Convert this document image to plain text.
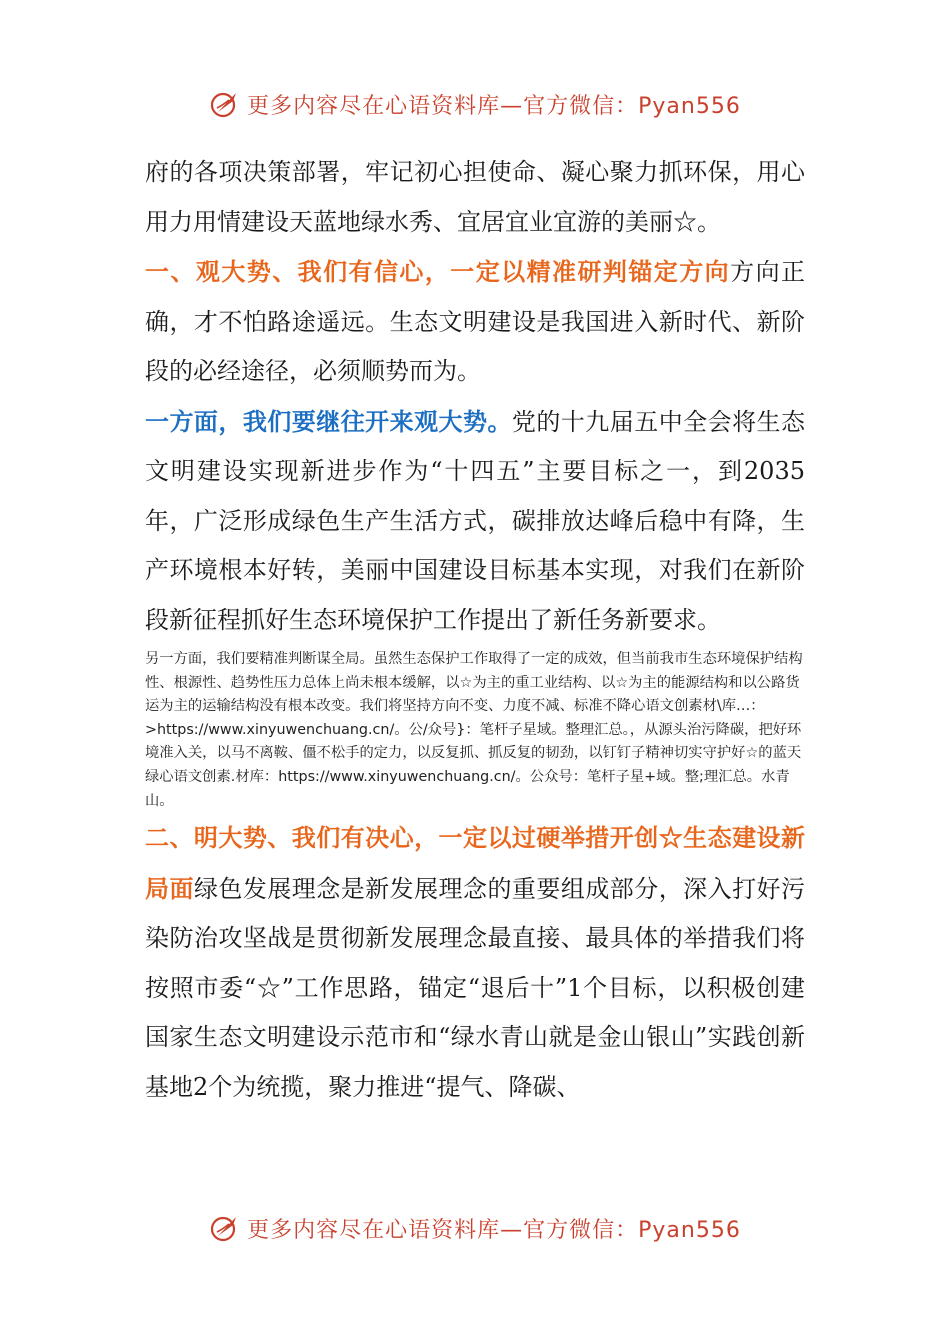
更多内容尽在心语资料库—官方微信：Pyan556

府的各项决策部署，牢记初心担使命、凝心聚力抓环保，用心用力用情建设天蓝地绿水秀、宜居宜业宜游的美丽☆。

一、观大势、我们有信心，一定以精准研判锚定方向方向正确，才不怕路途遥远。生态文明建设是我国进入新时代、新阶段的必经途径，必须顺势而为。

一方面，我们要继往开来观大势。党的十九届五中全会将生态文明建设实现新进步作为“十四五”主要目标之一，到2035年，广泛形成绿色生产生活方式，碳排放达峰后稳中有降，生产环境根本好转，美丽中国建设目标基本实现，对我们在新阶段新征程抓好生态环境保护工作提出了新任务新要求。

另一方面，我们要精准判断谋全局。虽然生态保护工作取得了一定的成效，但当前我市生态环境保护结构性、根源性、趋势性压力总体上尚未根本缓解，以☆为主的重工业结构、以☆为主的能源结构和以公路货运为主的运输结构没有根本改变。我们将坚持方向不变、力度不减、标准不降心语文创素材\库…：>https://www.xinyuwenchuang.cn/。公/众号}：笔杆子星域。整理汇总。，从源头治污降碳，把好环境准入关，以马不离鞍、僵不松手的定力，以反复抓、抓反复的韧劲，以钉钉子精神切实守护好☆的蓝天绿心语文创素.材库：https://www.xinyuwenchuang.cn/。公众号：笔杆子星+域。整;理汇总。水青山。

二、明大势、我们有决心，一定以过硬举措开创☆生态建设新局面绿色发展理念是新发展理念的重要组成部分，深入打好污染防治攻坚战是贯彻新发展理念最直接、最具体的举措我们将按照市委“☆”工作思路，锚定“退后十”1个目标，以积极创建国家生态文明建设示范市和“绿水青山就是金山银山”实践创新基地2个为统揽，聚力推进“提气、降碳、

更多内容尽在心语资料库—官方微信：Pyan556
